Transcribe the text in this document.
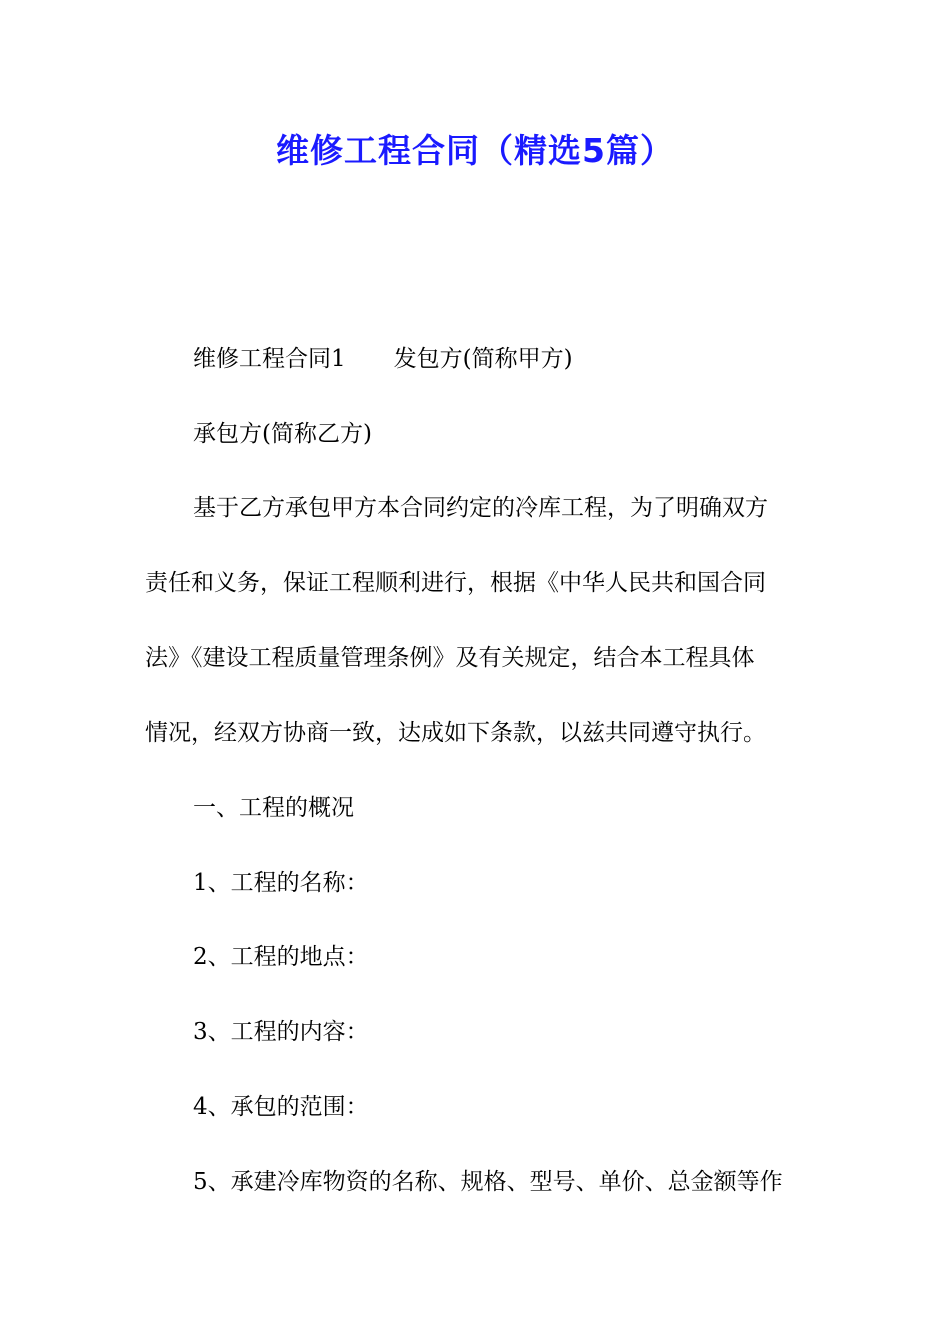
维修工程合同（精选5篇）
维修工程合同1 发包方(简称甲方)
承包方(简称乙方)
基于乙方承包甲方本合同约定的冷库工程，为了明确双方
责任和义务，保证工程顺利进行，根据《中华人民共和国合同
法》《建设工程质量管理条例》及有关规定，结合本工程具体
情况，经双方协商一致，达成如下条款，以兹共同遵守执行。
一、工程的概况
1、工程的名称：
2、工程的地点：
3、工程的内容：
4、承包的范围：
5、承建冷库物资的名称、规格、型号、单价、总金额等作
